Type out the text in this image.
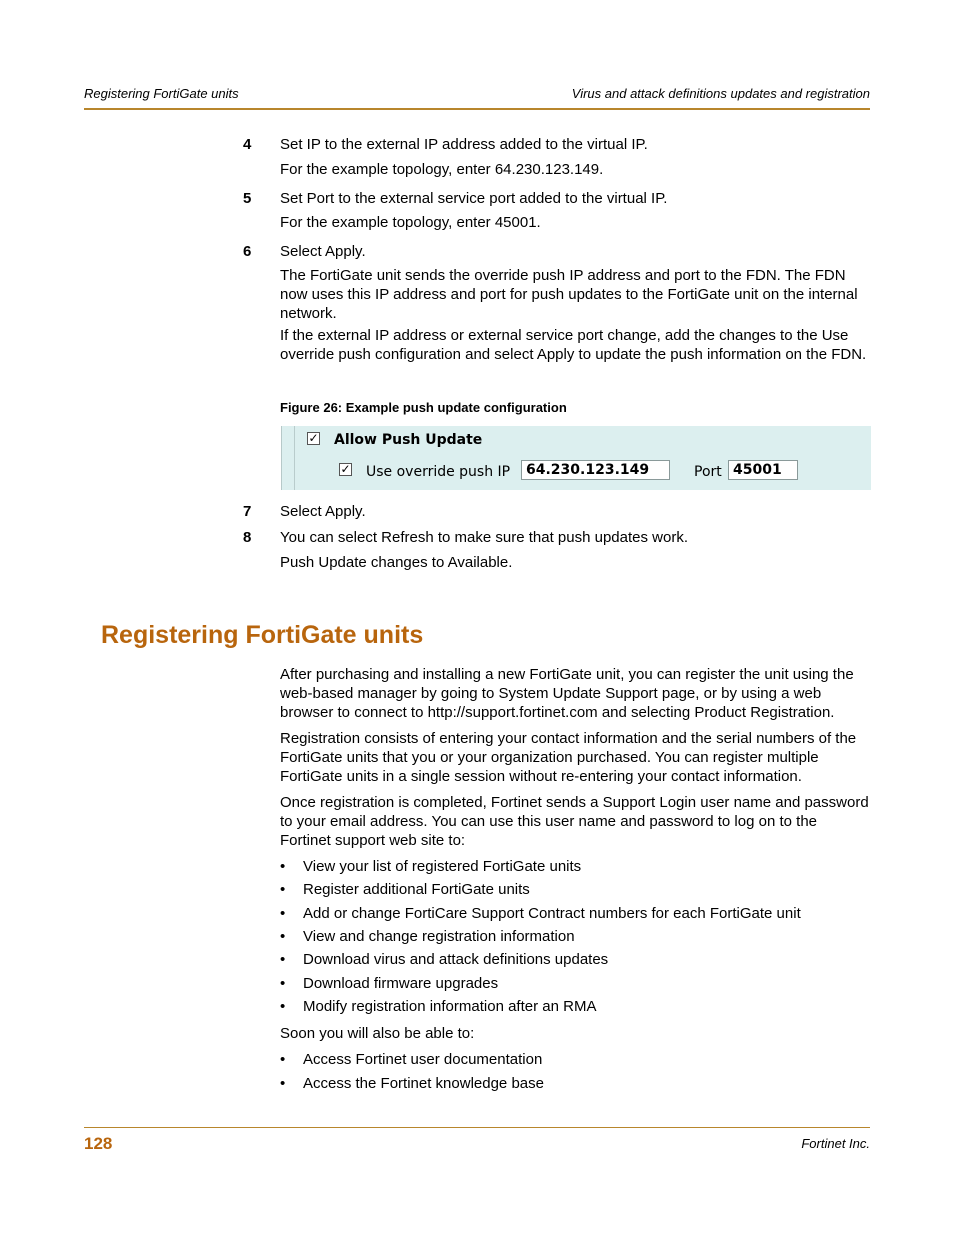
Registering FortiGate units	Virus and attack definitions updates and registration
4 Set IP to the external IP address added to the virtual IP.
For the example topology, enter 64.230.123.149.
5 Set Port to the external service port added to the virtual IP.
For the example topology, enter 45001.
6 Select Apply.
The FortiGate unit sends the override push IP address and port to the FDN. The FDN now uses this IP address and port for push updates to the FortiGate unit on the internal network.
If the external IP address or external service port change, add the changes to the Use override push configuration and select Apply to update the push information on the FDN.
Figure 26: Example push update configuration
✓ Allow Push Update
✓ Use override push IP	64.230.123.149	Port 45001
7 Select Apply.
8 You can select Refresh to make sure that push updates work.
Push Update changes to Available.
Registering FortiGate units
After purchasing and installing a new FortiGate unit, you can register the unit using the web-based manager by going to System Update Support page, or by using a web browser to connect to http://support.fortinet.com and selecting Product Registration.
Registration consists of entering your contact information and the serial numbers of the FortiGate units that you or your organization purchased. You can register multiple FortiGate units in a single session without re-entering your contact information.
Once registration is completed, Fortinet sends a Support Login user name and password to your email address. You can use this user name and password to log on to the Fortinet support web site to:
• View your list of registered FortiGate units
• Register additional FortiGate units
• Add or change FortiCare Support Contract numbers for each FortiGate unit
• View and change registration information
• Download virus and attack definitions updates
• Download firmware upgrades
• Modify registration information after an RMA
Soon you will also be able to:
• Access Fortinet user documentation
• Access the Fortinet knowledge base
128	Fortinet Inc.
